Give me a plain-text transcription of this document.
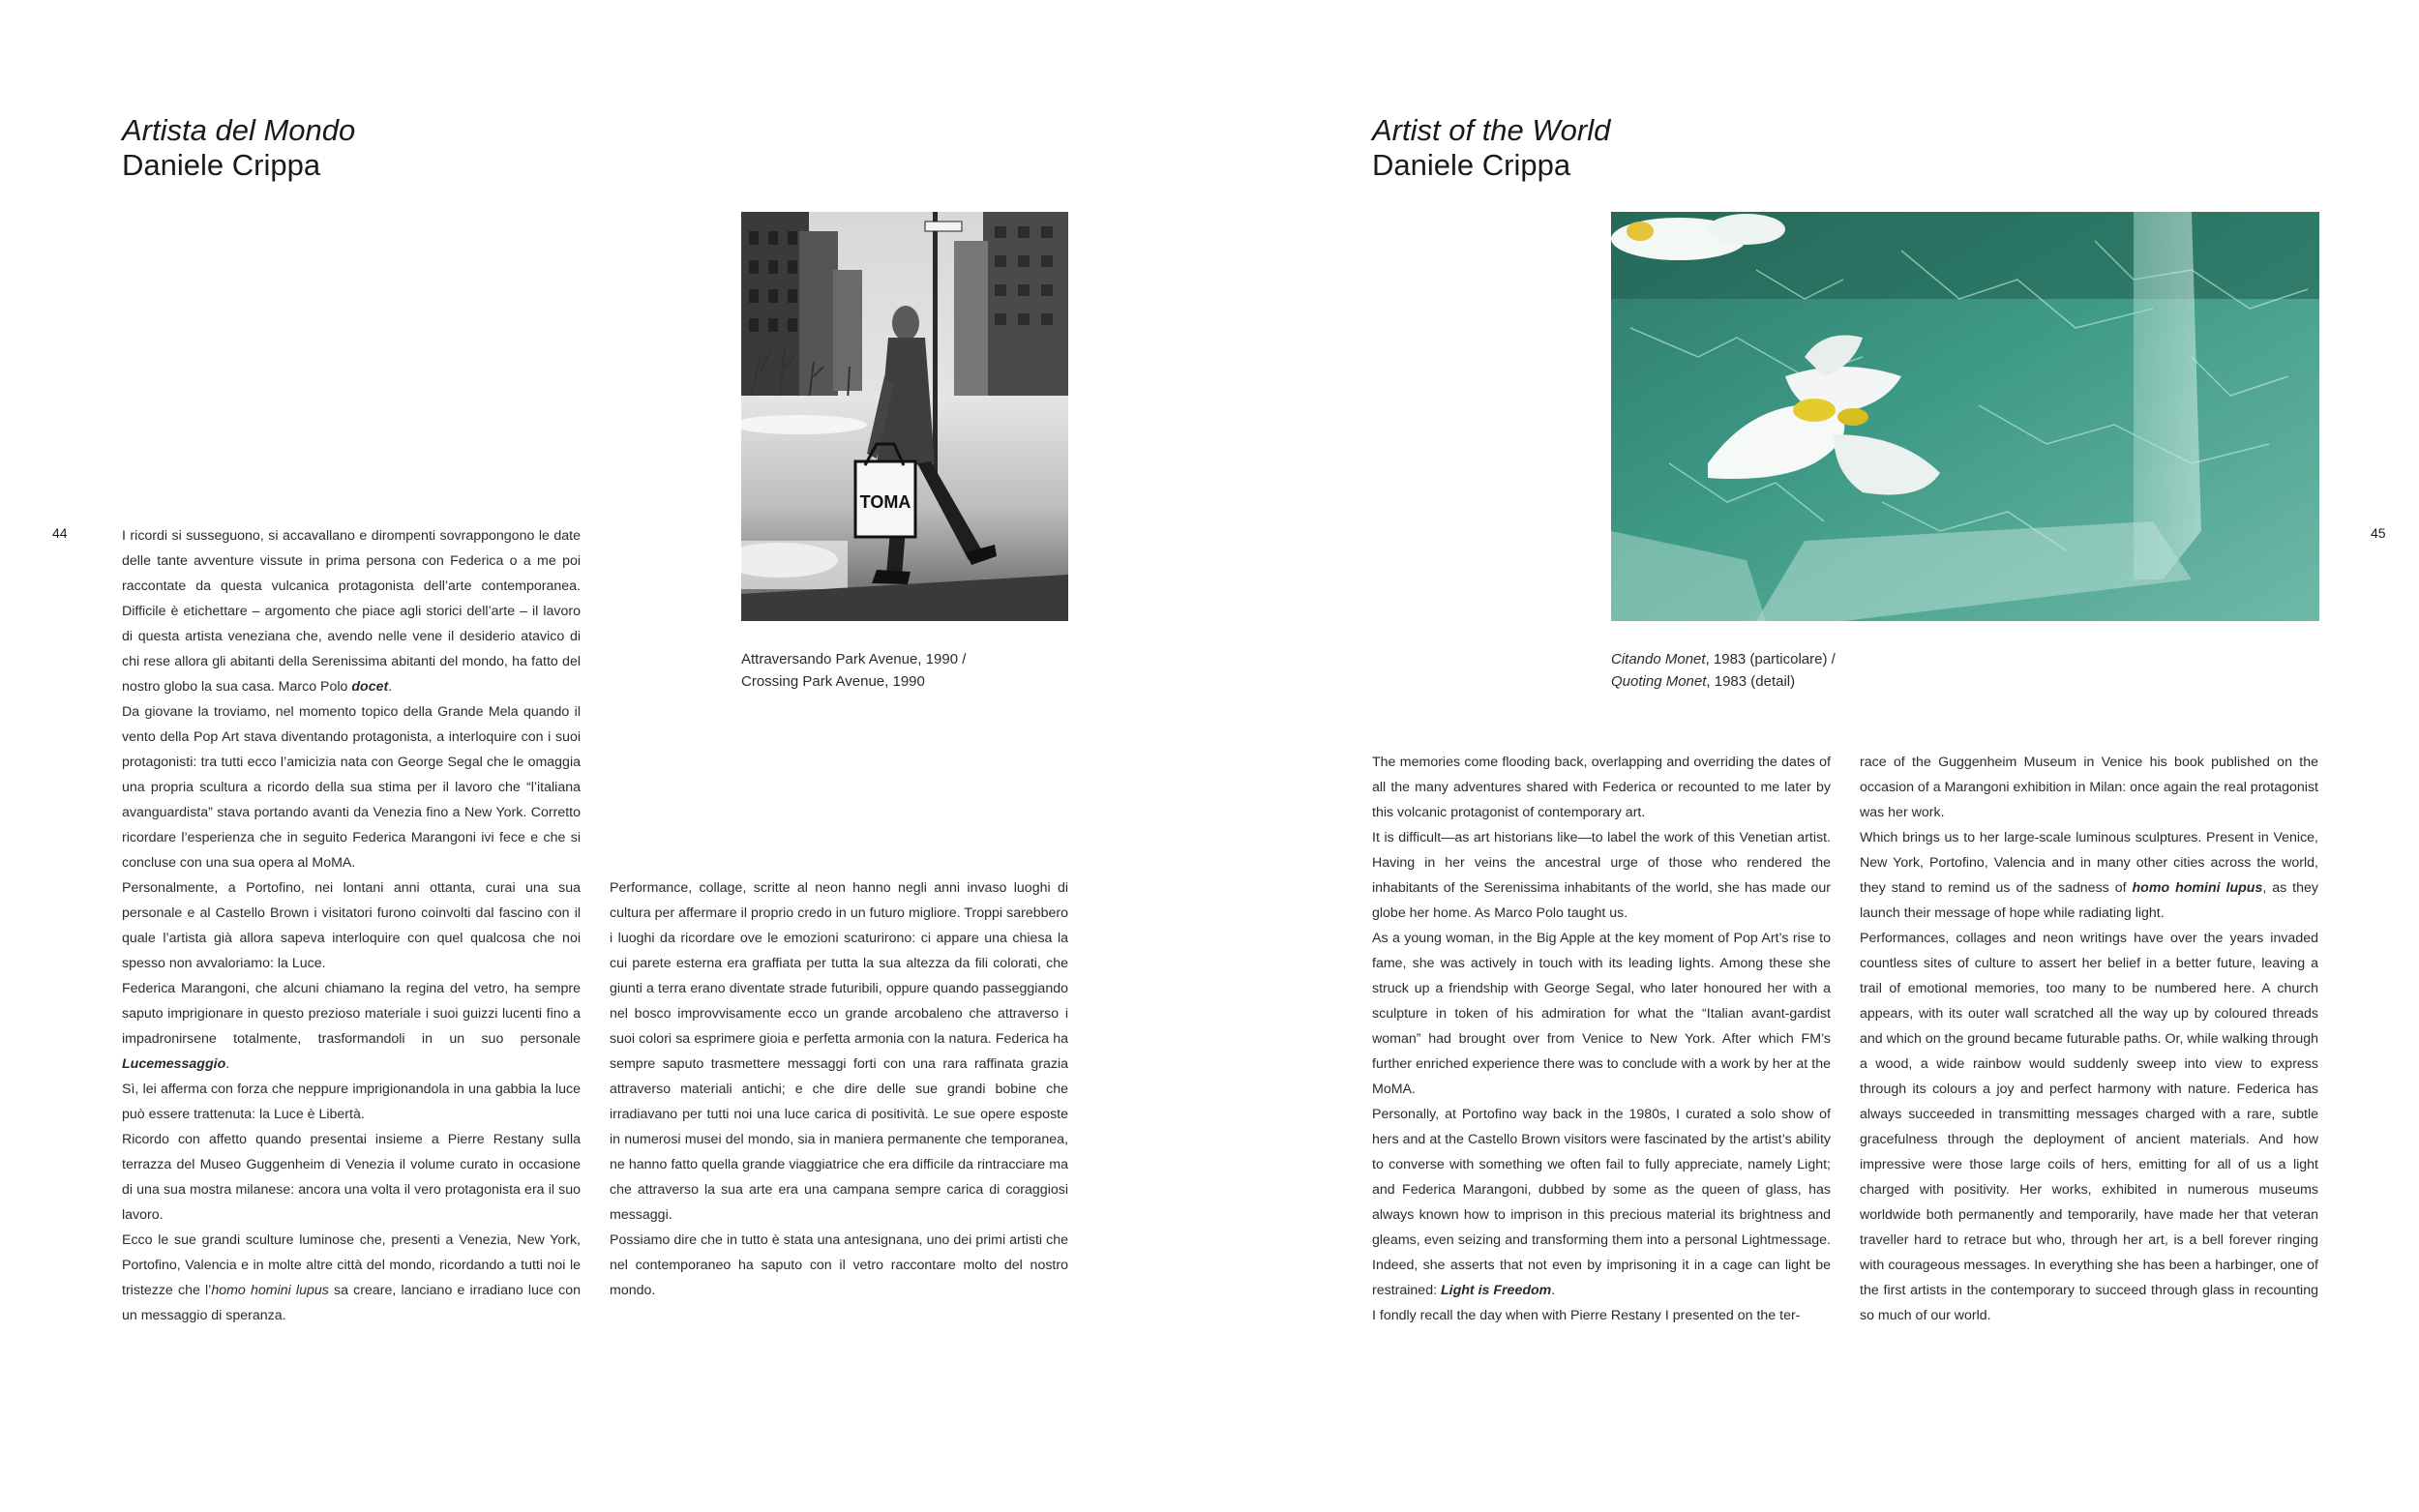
Artista del Mondo
Daniele Crippa
44
TOMA
Attraversando Park Avenue, 1990 /
Crossing Park Avenue, 1990

I ricordi si susseguono, si accavallano e dirompenti sovrappongono le date delle tante avventure vissute in prima persona con Federica o a me poi raccontate da questa vulcanica protagonista dell’arte contemporanea. Difficile è etichettare – argomento che piace agli storici dell’arte – il lavoro di questa artista veneziana che, avendo nelle vene il desiderio atavico di chi rese allora gli abitanti della Serenissima abitanti del mondo, ha fatto del nostro globo la sua casa. Marco Polo docet.

Da giovane la troviamo, nel momento topico della Grande Mela quando il vento della Pop Art stava diventando protagonista, a interloquire con i suoi protagonisti: tra tutti ecco l’amicizia nata con George Segal che le omaggia una propria scultura a ricordo della sua stima per il lavoro che “l’italiana avanguardista” stava portando avanti da Venezia fino a New York. Corretto ricordare l’esperienza che in seguito Federica Marangoni ivi fece e che si concluse con una sua opera al MoMA.

Personalmente, a Portofino, nei lontani anni ottanta, curai una sua personale e al Castello Brown i visitatori furono coinvolti dal fascino con il quale l’artista già allora sapeva interloquire con quel qualcosa che noi spesso non avvaloriamo: la Luce.

Federica Marangoni, che alcuni chiamano la regina del vetro, ha sempre saputo imprigionare in questo prezioso materiale i suoi guizzi lucenti fino a impadronirsene totalmente, trasformandoli in un suo personale Lucemessaggio.

Sì, lei afferma con forza che neppure imprigionandola in una gabbia la luce può essere trattenuta: la Luce è Libertà.

Ricordo con affetto quando presentai insieme a Pierre Restany sulla terrazza del Museo Guggenheim di Venezia il volume curato in occasione di una sua mostra milanese: ancora una volta il vero protagonista era il suo lavoro.

Ecco le sue grandi sculture luminose che, presenti a Venezia, New York, Portofino, Valencia e in molte altre città del mondo, ricordando a tutti noi le tristezze che l’homo homini lupus sa creare, lanciano e irradiano luce con un messaggio di speranza.

Performance, collage, scritte al neon hanno negli anni invaso luoghi di cultura per affermare il proprio credo in un futuro migliore. Troppi sarebbero i luoghi da ricordare ove le emozioni scaturirono: ci appare una chiesa la cui parete esterna era graffiata per tutta la sua altezza da fili colorati, che giunti a terra erano diventate strade futuribili, oppure quando passeggiando nel bosco improvvisamente ecco un grande arcobaleno che attraverso i suoi colori sa esprimere gioia e perfetta armonia con la natura. Federica ha sempre saputo trasmettere messaggi forti con una rara raffinata grazia attraverso materiali antichi; e che dire delle sue grandi bobine che irradiavano per tutti noi una luce carica di positività. Le sue opere esposte in numerosi musei del mondo, sia in maniera permanente che temporanea, ne hanno fatto quella grande viaggiatrice che era difficile da rintracciare ma che attraverso la sua arte era una campana sempre carica di coraggiosi messaggi.

Possiamo dire che in tutto è stata una antesignana, uno dei primi artisti che nel contemporaneo ha saputo con il vetro raccontare molto del nostro mondo.

Artist of the World
Daniele Crippa
45
Citando Monet, 1983 (particolare) /
Quoting Monet, 1983 (detail)

The memories come flooding back, overlapping and overriding the dates of all the many adventures shared with Federica or recounted to me later by this volcanic protagonist of contemporary art.

It is difficult—as art historians like—to label the work of this Venetian artist. Having in her veins the ancestral urge of those who rendered the inhabitants of the Serenissima inhabitants of the world, she has made our globe her home. As Marco Polo taught us.

As a young woman, in the Big Apple at the key moment of Pop Art’s rise to fame, she was actively in touch with its leading lights. Among these she struck up a friendship with George Segal, who later honoured her with a sculpture in token of his admiration for what the “Italian avant-gardist woman” had brought over from Venice to New York. After which FM’s further enriched experience there was to conclude with a work by her at the MoMA.

Personally, at Portofino way back in the 1980s, I curated a solo show of hers and at the Castello Brown visitors were fascinated by the artist’s ability to converse with something we often fail to fully appreciate, namely Light; and Federica Marangoni, dubbed by some as the queen of glass, has always known how to imprison in this precious material its brightness and gleams, even seizing and transforming them into a personal Lightmessage. Indeed, she asserts that not even by imprisoning it in a cage can light be restrained: Light is Freedom.

I fondly recall the day when with Pierre Restany I presented on the ter-

race of the Guggenheim Museum in Venice his book published on the occasion of a Marangoni exhibition in Milan: once again the real protagonist was her work.

Which brings us to her large-scale luminous sculptures. Present in Venice, New York, Portofino, Valencia and in many other cities across the world, they stand to remind us of the sadness of homo homini lupus, as they launch their message of hope while radiating light.

Performances, collages and neon writings have over the years invaded countless sites of culture to assert her belief in a better future, leaving a trail of emotional memories, too many to be numbered here. A church appears, with its outer wall scratched all the way up by coloured threads and which on the ground became futurable paths. Or, while walking through a wood, a wide rainbow would suddenly sweep into view to express through its colours a joy and perfect harmony with nature. Federica has always succeeded in transmitting messages charged with a rare, subtle gracefulness through the deployment of ancient materials. And how impressive were those large coils of hers, emitting for all of us a light charged with positivity. Her works, exhibited in numerous museums worldwide both permanently and temporarily, have made her that veteran traveller hard to retrace but who, through her art, is a bell forever ringing with courageous messages. In everything she has been a harbinger, one of the first artists in the contemporary to succeed through glass in recounting so much of our world.
